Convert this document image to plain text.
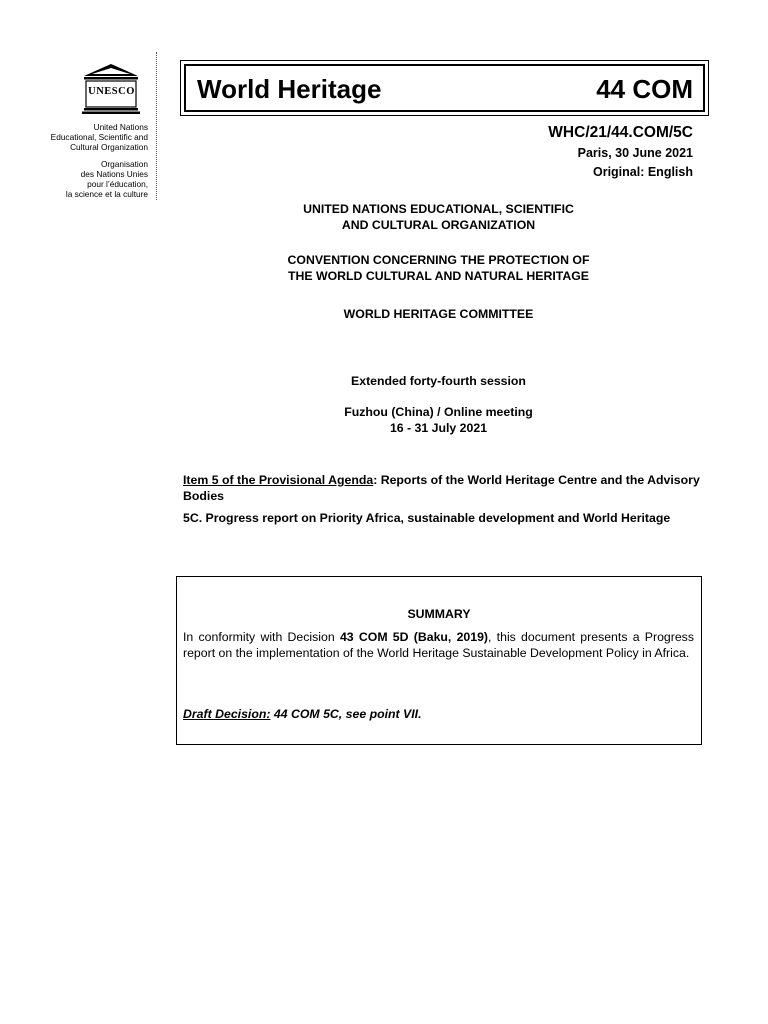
UNESCO
United Nations
Educational, Scientific and
Cultural Organization
Organisation
des Nations Unies
pour l’éducation,
la science et la culture
World Heritage	44 COM
WHC/21/44.COM/5C
Paris, 30 June 2021
Original: English
UNITED NATIONS EDUCATIONAL, SCIENTIFIC
AND CULTURAL ORGANIZATION
CONVENTION CONCERNING THE PROTECTION OF
THE WORLD CULTURAL AND NATURAL HERITAGE
WORLD HERITAGE COMMITTEE
Extended forty-fourth session
Fuzhou (China) / Online meeting
16 - 31 July 2021
Item 5 of the Provisional Agenda: Reports of the World Heritage Centre and the Advisory Bodies
5C. Progress report on Priority Africa, sustainable development and World Heritage
SUMMARY
In conformity with Decision 43 COM 5D (Baku, 2019), this document presents a Progress report on the implementation of the World Heritage Sustainable Development Policy in Africa.
Draft Decision: 44 COM 5C, see point VII.
